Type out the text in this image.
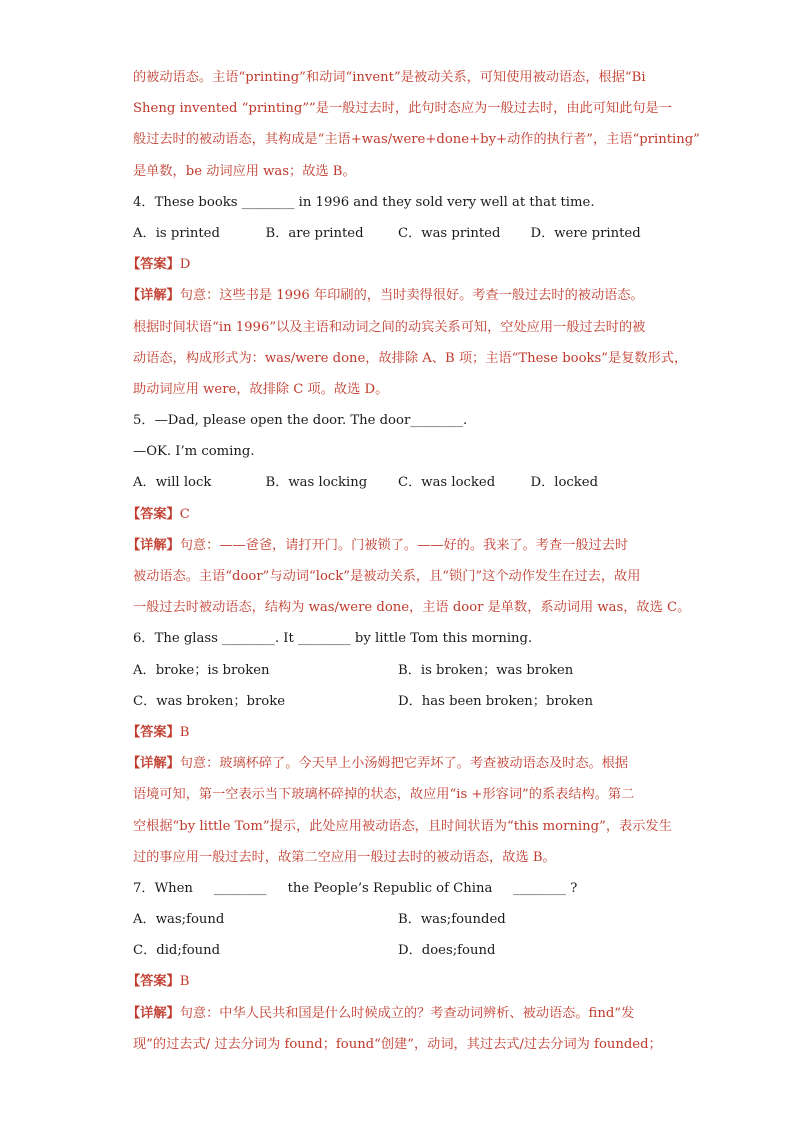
的被动语态。主语“printing”和动词“invent”是被动关系，可知使用被动语态，根据“Bi
Sheng invented “printing””是一般过去时，此句时态应为一般过去时，由此可知此句是一
般过去时的被动语态，其构成是“主语+was/were+done+by+动作的执行者”，主语“printing”
是单数，be 动词应用 was；故选 B。
4．These books ________ in 1996 and they sold very well at that time.
A．is printed	B．are printed	C．was printed	D．were printed
【答案】D
【详解】句意：这些书是 1996 年印刷的，当时卖得很好。考查一般过去时的被动语态。
根据时间状语“in 1996”以及主语和动词之间的动宾关系可知，空处应用一般过去时的被
动语态，构成形式为：was/were done，故排除 A、B 项；主语“These books”是复数形式，
助动词应用 were，故排除 C 项。故选 D。
5．—Dad, please open the door. The door________.
—OK. I’m coming.
A．will lock	B．was locking	C．was locked	D．locked
【答案】C
【详解】句意：——爸爸，请打开门。门被锁了。——好的。我来了。考查一般过去时
被动语态。主语“door”与动词“lock”是被动关系，且“锁门”这个动作发生在过去，故用
一般过去时被动语态，结构为 was/were done，主语 door 是单数，系动词用 was，故选 C。
6．The glass ________. It ________ by little Tom this morning.
A．broke；is broken	B．is broken；was broken
C．was broken；broke	D．has been broken；broken
【答案】B
【详解】句意：玻璃杯碎了。今天早上小汤姆把它弄坏了。考查被动语态及时态。根据
语境可知，第一空表示当下玻璃杯碎掉的状态，故应用“is +形容词”的系表结构。第二
空根据“by little Tom”提示，此处应用被动语态，且时间状语为“this morning”，表示发生
过的事应用一般过去时，故第二空应用一般过去时的被动语态，故选 B。
7．When     ________     the People’s Republic of China     ________ ?
A．was;found	B．was;founded
C．did;found	D．does;found
【答案】B
【详解】句意：中华人民共和国是什么时候成立的？考查动词辨析、被动语态。find“发
现”的过去式/ 过去分词为 found；found“创建”，动词，其过去式/过去分词为 founded；
